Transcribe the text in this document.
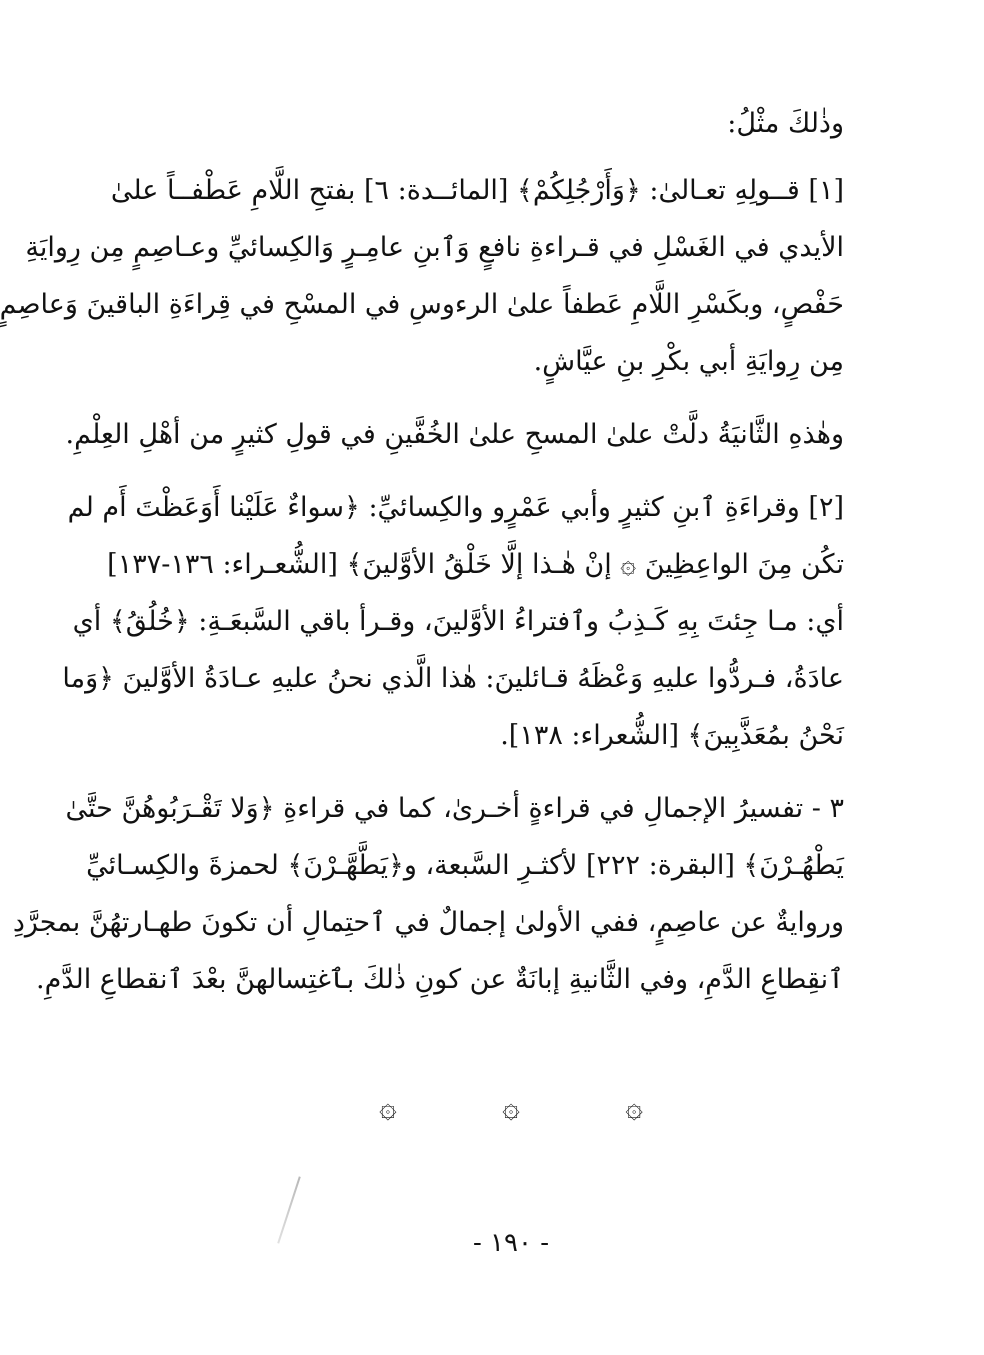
وذٰلكَ مثْلُ:
[١] قــولِهِ تعـالىٰ: ﴿وَأَرْجُلِكُمْ﴾ [المائــدة: ٦] بفتحِ اللَّامِ عَطْفــاً علىٰ
الأيدي في الغَسْلِ في قـراءةِ نافعٍ وَٱبنِ عامِـرٍ وَالكِسائيِّ وعـاصِمٍ مِن رِوايَةِ
حَفْصٍ، وبكَسْرِ اللَّامِ عَطفاً علىٰ الرءوسِ في المسْحِ في قِراءَةِ الباقينَ وَعاصِمٍ
مِن رِوايَةِ أبي بكْرِ بنِ عيَّاشٍ.
وهٰذهِ الثَّانيَةُ دلَّتْ علىٰ المسحِ علىٰ الخُفَّينِ في قولِ كثيرٍ من أهْلِ العِلْمِ.
[٢] وقراءَةِ ٱبنِ كثيرٍ وأبي عَمْرٍو والكِسائيِّ: ﴿سواءٌ عَلَيْنا أَوَعَظْتَ أَم لم
تكُن مِنَ الواعِظِينَ ۞ إنْ هٰـذا إلَّا خَلْقُ الأوَّلينَ﴾ [الشُّعـراء: ١٣٦-١٣٧]
أي: مـا جِئتَ بِهِ كَـذِبُ وٱفتراءُ الأوَّلينَ، وقـرأ باقي السَّبعَـةِ: ﴿خُلُقُ﴾ أي
عادَةُ، فـردُّوا عليهِ وَعْظَهُ قـائلينَ: هٰذا الَّذي نحنُ عليهِ عـادَةُ الأوَّلينَ ﴿وَما
نَحْنُ بمُعَذَّبِينَ﴾ [الشُّعراء: ١٣٨].
٣ - تفسيرُ الإجمالِ في قراءةٍ أخـرىٰ، كما في قراءةِ ﴿وَلا تَقْـرَبُوهُنَّ حتَّىٰ
يَطْهُـرْنَ﴾ [البقرة: ٢٢٢] لأكثـرِ السَّبعة، و﴿يَطَّهَّـرْنَ﴾ لحمزةَ والكِسـائيِّ
وروايةٌ عن عاصِمٍ، ففي الأولىٰ إجمالٌ في ٱحتِمالِ أن تكونَ طهـارتهُنَّ بمجرَّدِ
ٱنقِطاعِ الدَّمِ، وفي الثَّانيةِ إبانَةٌ عن كونِ ذٰلكَ بٱغتِسالهنَّ بعْدَ ٱنقطاعِ الدَّمِ.
۞	۞	۞
- ١٩٠ -
